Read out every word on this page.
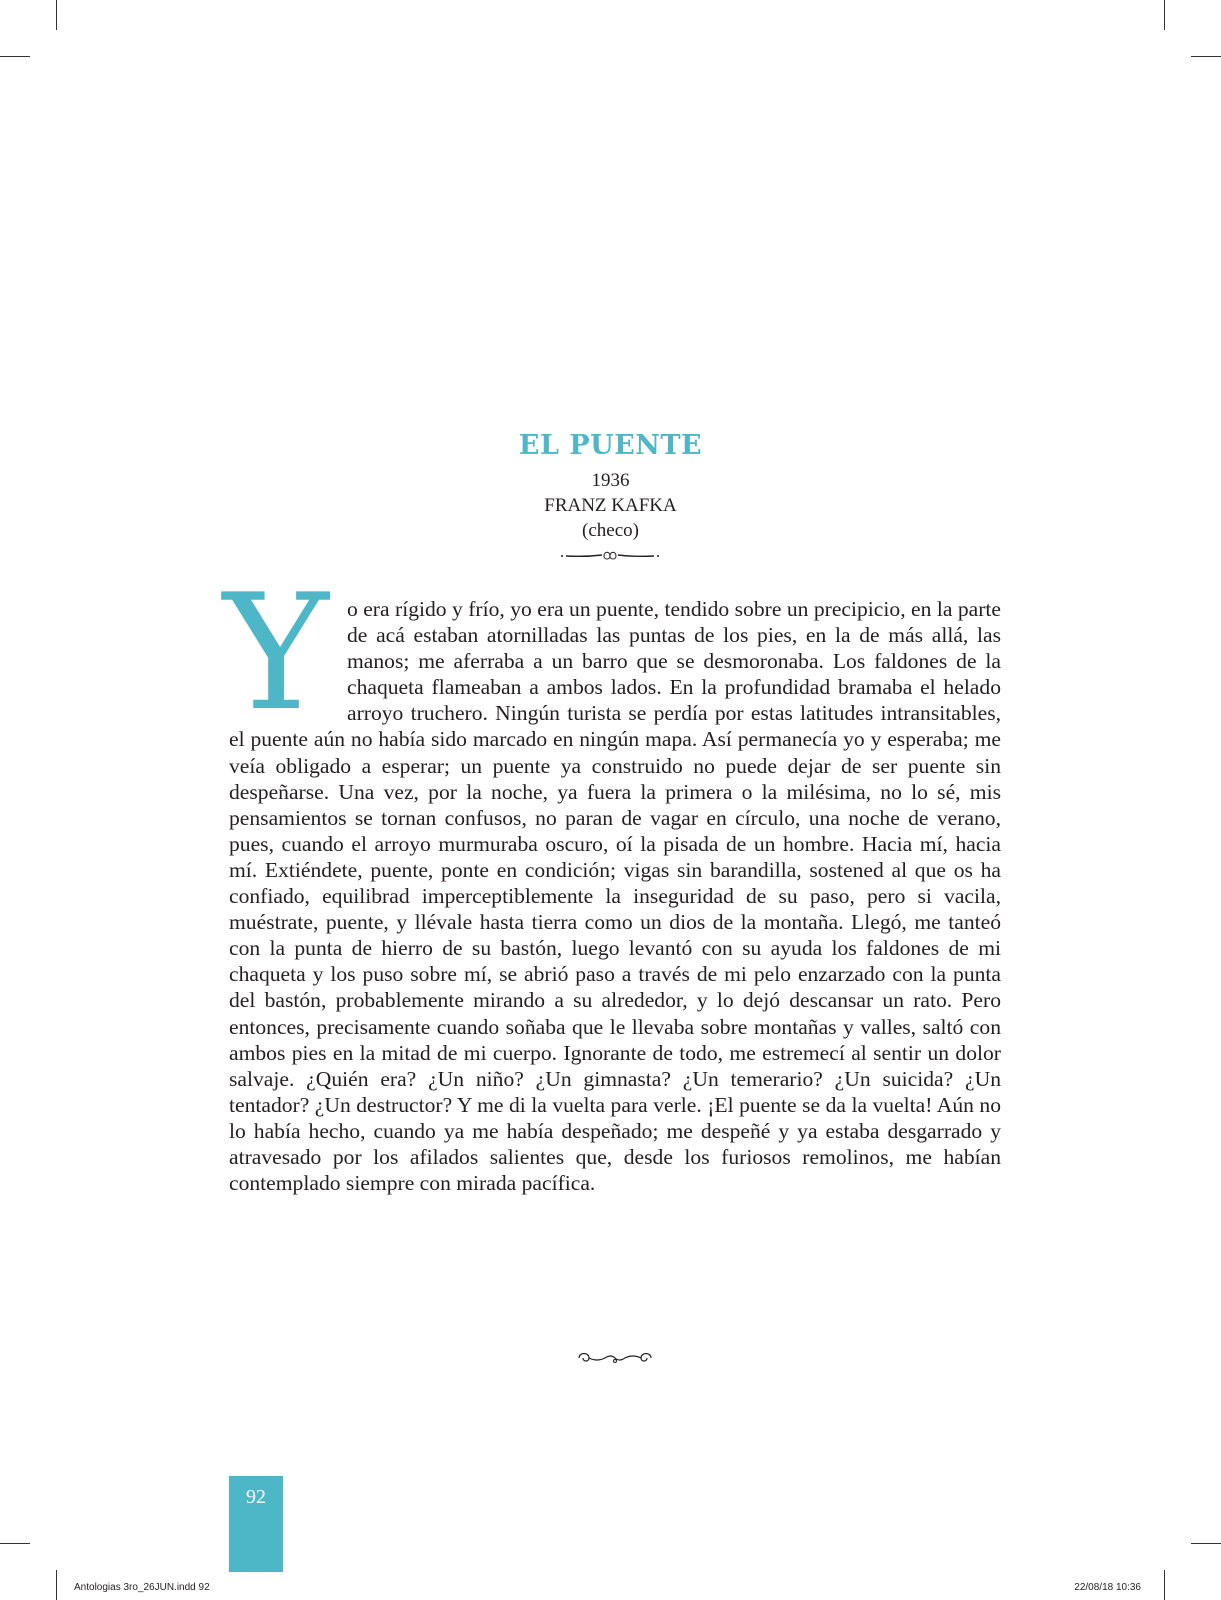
EL PUENTE
1936
FRANZ KAFKA
(checo)
Y o era rígido y frío, yo era un puente, tendido sobre un precipicio, en la parte de acá estaban atornilladas las puntas de los pies, en la de más allá, las manos; me aferraba a un barro que se desmoronaba. Los faldones de la chaqueta flameaban a ambos lados. En la profundidad bramaba el helado arroyo truchero. Ningún turista se perdía por estas latitudes intransitables, el puente aún no había sido marcado en ningún mapa. Así permanecía yo y esperaba; me veía obligado a esperar; un puente ya construido no puede dejar de ser puente sin despeñarse. Una vez, por la noche, ya fuera la primera o la milésima, no lo sé, mis pensamientos se tornan confusos, no paran de vagar en círculo, una noche de verano, pues, cuando el arroyo murmuraba oscuro, oí la pisada de un hombre. Hacia mí, hacia mí. Extiéndete, puente, ponte en condición; vigas sin barandilla, sostened al que os ha confiado, equilibrad imperceptiblemente la inseguridad de su paso, pero si vacila, muéstrate, puente, y llévale hasta tierra como un dios de la montaña. Llegó, me tanteó con la punta de hierro de su bastón, luego levantó con su ayuda los faldones de mi chaqueta y los puso sobre mí, se abrió paso a través de mi pelo enzarzado con la punta del bastón, probablemente mirando a su alrededor, y lo dejó descansar un rato. Pero entonces, precisamente cuando soñaba que le llevaba sobre montañas y valles, saltó con ambos pies en la mitad de mi cuerpo. Ignorante de todo, me estremecí al sentir un dolor salvaje. ¿Quién era? ¿Un niño? ¿Un gimnasta? ¿Un temerario? ¿Un suicida? ¿Un tentador? ¿Un destructor? Y me di la vuelta para verle. ¡El puente se da la vuelta! Aún no lo había hecho, cuando ya me había despeñado; me despeñé y ya estaba desgarrado y atravesado por los afilados salientes que, desde los furiosos remolinos, me habían contemplado siempre con mirada pacífica.
92
Antologias 3ro_26JUN.indd 92	22/08/18 10:36
